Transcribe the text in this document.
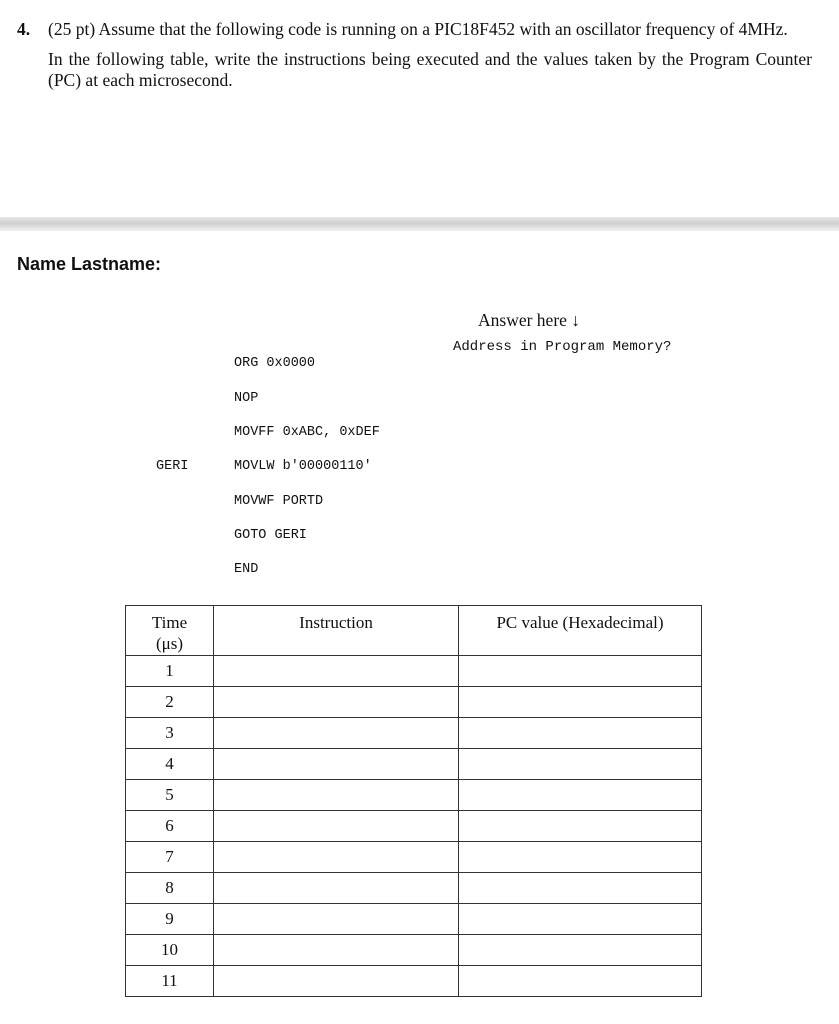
4. (25 pt) Assume that the following code is running on a PIC18F452 with an oscillator frequency of 4MHz.

In the following table, write the instructions being executed and the values taken by the Program Counter (PC) at each microsecond.

Name Lastname:
Answer here ↓
Address in Program Memory?
GERI
ORG 0x0000
NOP
MOVFF 0xABC, 0xDEF
MOVLW b'00000110'
MOVWF PORTD
GOTO GERI
END
Time
(μs)	Instruction	PC value (Hexadecimal)
1		
2		
3		
4		
5		
6		
7		
8		
9		
10		
11		
